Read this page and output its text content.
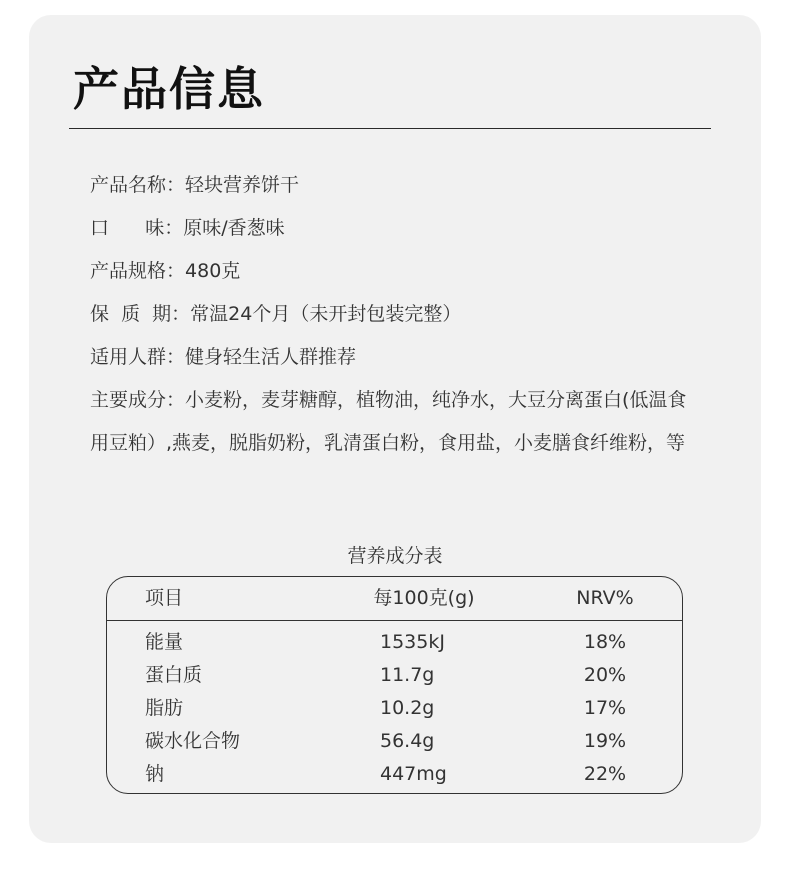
产品信息
产品名称：轻块营养饼干
口      味：原味/香葱味
产品规格：480克
保  质  期：常温24个月（未开封包装完整）
适用人群：健身轻生活人群推荐
主要成分：小麦粉，麦芽糖醇，植物油，纯净水，大豆分离蛋白(低温食用豆粕）,燕麦，脱脂奶粉，乳清蛋白粉，食用盐，小麦膳食纤维粉，等
营养成分表
项目	每100克(g)	NRV%
能量	1535kJ	18%
蛋白质	11.7g	20%
脂肪	10.2g	17%
碳水化合物	56.4g	19%
钠	447mg	22%
